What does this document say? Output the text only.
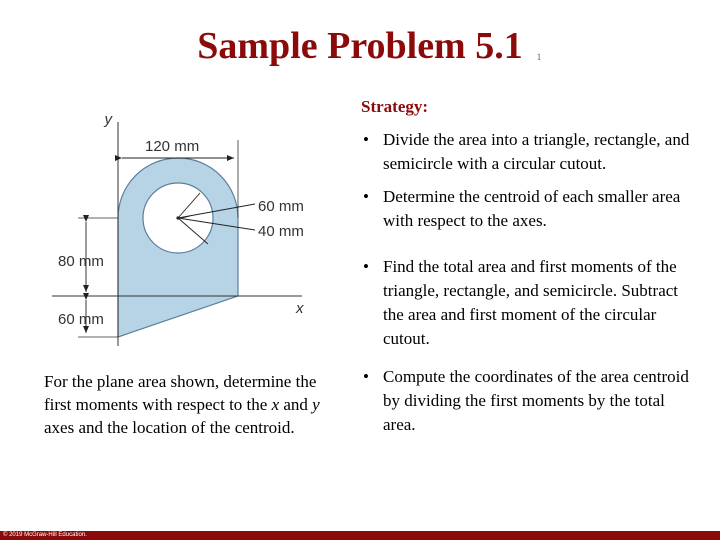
Sample Problem 5.1 1
y
x
120 mm
60 mm
40 mm
80 mm
60 mm
Strategy:
• Divide the area into a triangle, rectangle, and semicircle with a circular cutout.
• Determine the centroid of each smaller area with respect to the axes.
• Find the total area and first moments of the triangle, rectangle, and semicircle. Subtract the area and first moment of the circular cutout.
• Compute the coordinates of the area centroid by dividing the first moments by the total area.
For the plane area shown, determine the first moments with respect to the x and y axes and the location of the centroid.
© 2019 McGraw-Hill Education.
